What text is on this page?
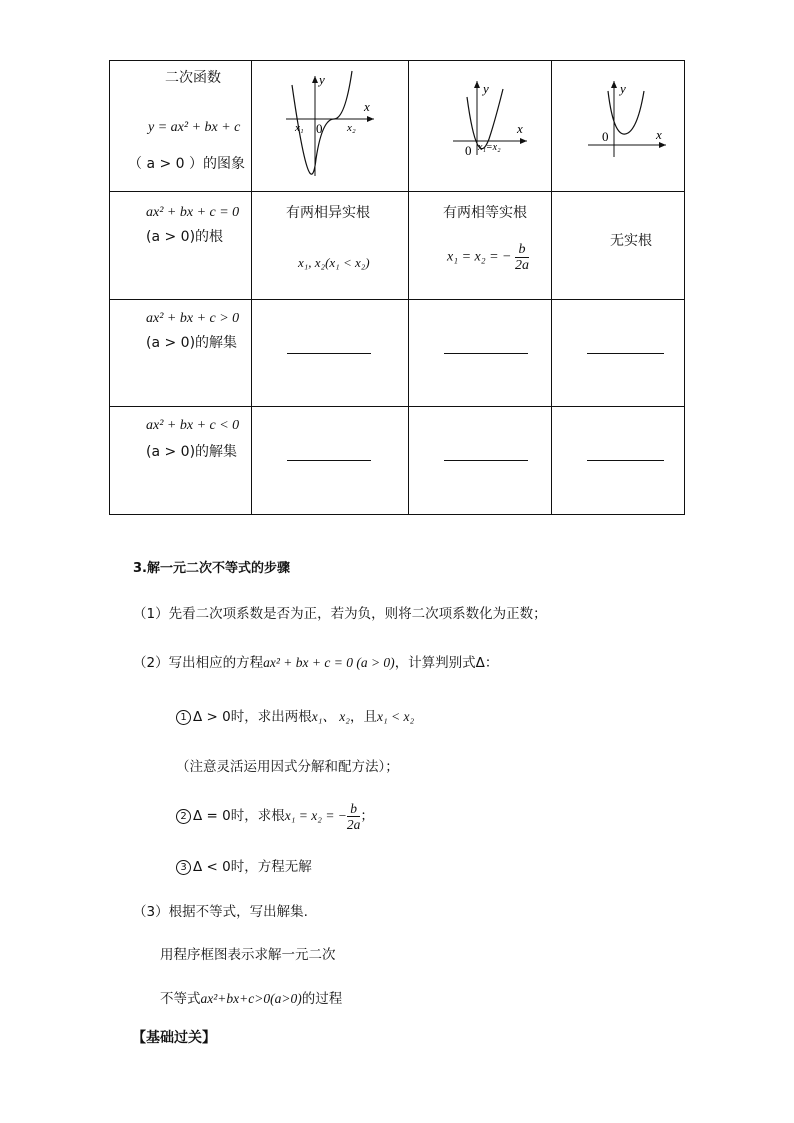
二次函数
y = ax² + bx + c
（ a > 0 ）的图象
y
x
x₁ 0 x₂
y
x
0 x₁=x₂
y
x
0
ax² + bx + c = 0
(a > 0)的根
有两相异实根
x₁, x₂(x₁ < x₂)
有两相等实根
x₁ = x₂ = − $\frac{b}{2a}$
无实根
ax² + bx + c > 0
(a > 0)的解集
ax² + bx + c < 0
(a > 0)的解集
3.解一元二次不等式的步骤
（1）先看二次项系数是否为正，若为负，则将二次项系数化为正数；
（2）写出相应的方程ax² + bx + c = 0 (a > 0)，计算判别式Δ：
1 Δ > 0时，求出两根x₁、 x₂，且x₁ < x₂
（注意灵活运用因式分解和配方法）；
2 Δ = 0时，求根x₁ = x₂ = − $\frac{b}{2a}$ ；
3 Δ < 0时，方程无解
（3）根据不等式，写出解集.
用程序框图表示求解一元二次
不等式ax²+bx+c>0(a>0)的过程
【基础过关】
